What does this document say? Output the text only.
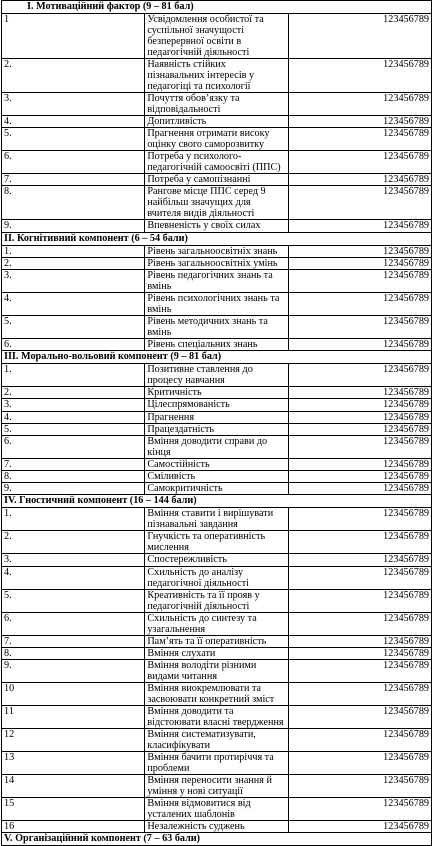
I. Мотиваційний фактор (9 – 81 бал)		
1	Усвідомлення особистої та суспільної значущості безперервної освіти в педагогічній діяльності	123456789
2.	Наявність стійких пізнавальних інтересів у педагогіці та психології	123456789
3.	Почуття обов’язку та відповідальності	123456789
4.	Допитливість	123456789
5.	Прагнення отримати високу оцінку свого саморозвитку	123456789
6.	Потреба у психолого-педагогічній самоосвіті (ППС)	123456789
7.	Потреба у самопізнанні	123456789
8.	Рангове місце ППС серед 9 найбільш значущих для вчителя видів діяльності	123456789
9.	Впевненість у своїх силах	123456789
ІІ. Когнітивний компонент (6 – 54 бали)		
1.	Рівень загальноосвітніх знань	123456789
2.	Рівень загальноосвітніх умінь	123456789
3.	Рівень педагогічних знань та вмінь	123456789
4.	Рівень психологічних знань та вмінь	123456789
5.	Рівень методичних знань та вмінь	123456789
6.	Рівень спеціальних знань	123456789
ІІІ. Морально-вольовий компонент (9 – 81 бал)		
1.	Позитивне ставлення до процесу навчання	123456789
2.	Критичність	123456789
3.	Цілеспрямованість	123456789
4.	Прагнення	123456789
5.	Працездатність	123456789
6.	Вміння доводити справи до кінця	123456789
7.	Самостійність	123456789
8.	Сміливість	123456789
9.	Самокритичність	123456789
IV. Гностичний компонент (16 – 144 бали)		
1.	Вміння ставити і вирішувати пізнавальні завдання	123456789
2.	Гнучкість та оперативність мислення	123456789
3.	Спостережливість	123456789
4.	Схильність до аналізу педагогічної діяльності	123456789
5.	Креативність та її прояв у педагогічній діяльності	123456789
6.	Схильність до синтезу та узагальнення	123456789
7.	Пам’ять та її оперативність	123456789
8.	Вміння слухати	123456789
9.	Вміння володіти різними видами читання	123456789
10	Вміння виокремлювати та засвоювати конкретний зміст	123456789
11	Вміння доводити та відстоювати власні твердження	123456789
12	Вміння систематизувати, класифікувати	123456789
13	Вміння бачити протиріччя та проблеми	123456789
14	Вміння переносити знання й уміння у нові ситуації	123456789
15	Вміння відмовитися від усталених шаблонів	123456789
16	Незалежність суджень	123456789
V. Організаційний компонент (7 – 63 бали)		
